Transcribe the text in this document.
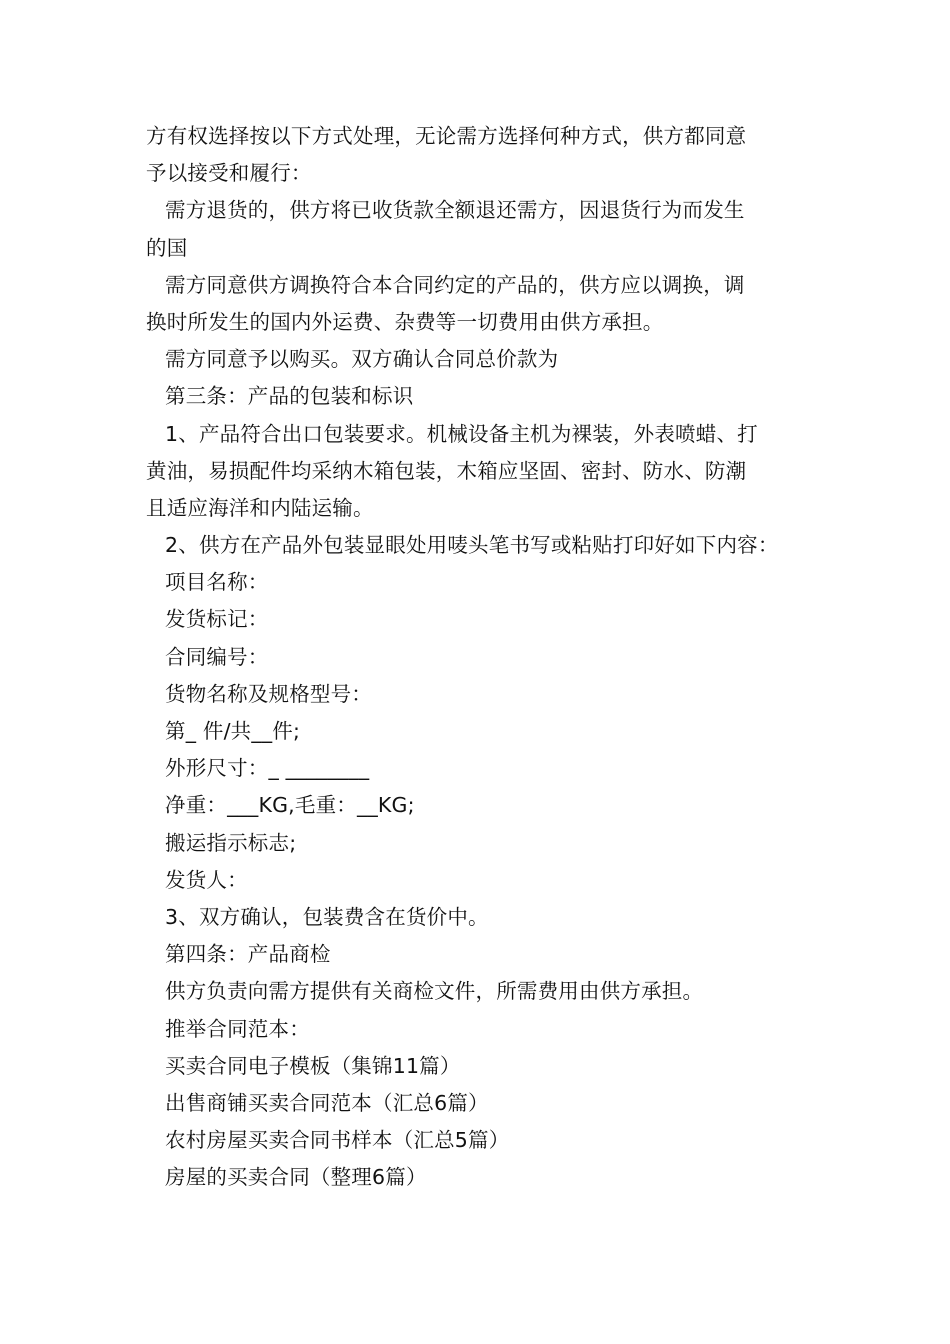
方有权选择按以下方式处理，无论需方选择何种方式，供方都同意
予以接受和履行：
需方退货的，供方将已收货款全额退还需方，因退货行为而发生
的国
需方同意供方调换符合本合同约定的产品的，供方应以调换，调
换时所发生的国内外运费、杂费等一切费用由供方承担。
需方同意予以购买。双方确认合同总价款为
第三条：产品的包装和标识
1、产品符合出口包装要求。机械设备主机为裸装，外表喷蜡、打
黄油，易损配件均采纳木箱包装，木箱应坚固、密封、防水、防潮
且适应海洋和内陆运输。
2、供方在产品外包装显眼处用唛头笔书写或粘贴打印好如下内容：
项目名称：
发货标记：
合同编号：
货物名称及规格型号：
第_ 件/共__件;
外形尺寸：_ ________
净重：___KG,毛重：__KG;
搬运指示标志;
发货人：
3、双方确认，包装费含在货价中。
第四条：产品商检
供方负责向需方提供有关商检文件，所需费用由供方承担。
推举合同范本：
买卖合同电子模板（集锦11篇）
出售商铺买卖合同范本（汇总6篇）
农村房屋买卖合同书样本（汇总5篇）
房屋的买卖合同（整理6篇）
